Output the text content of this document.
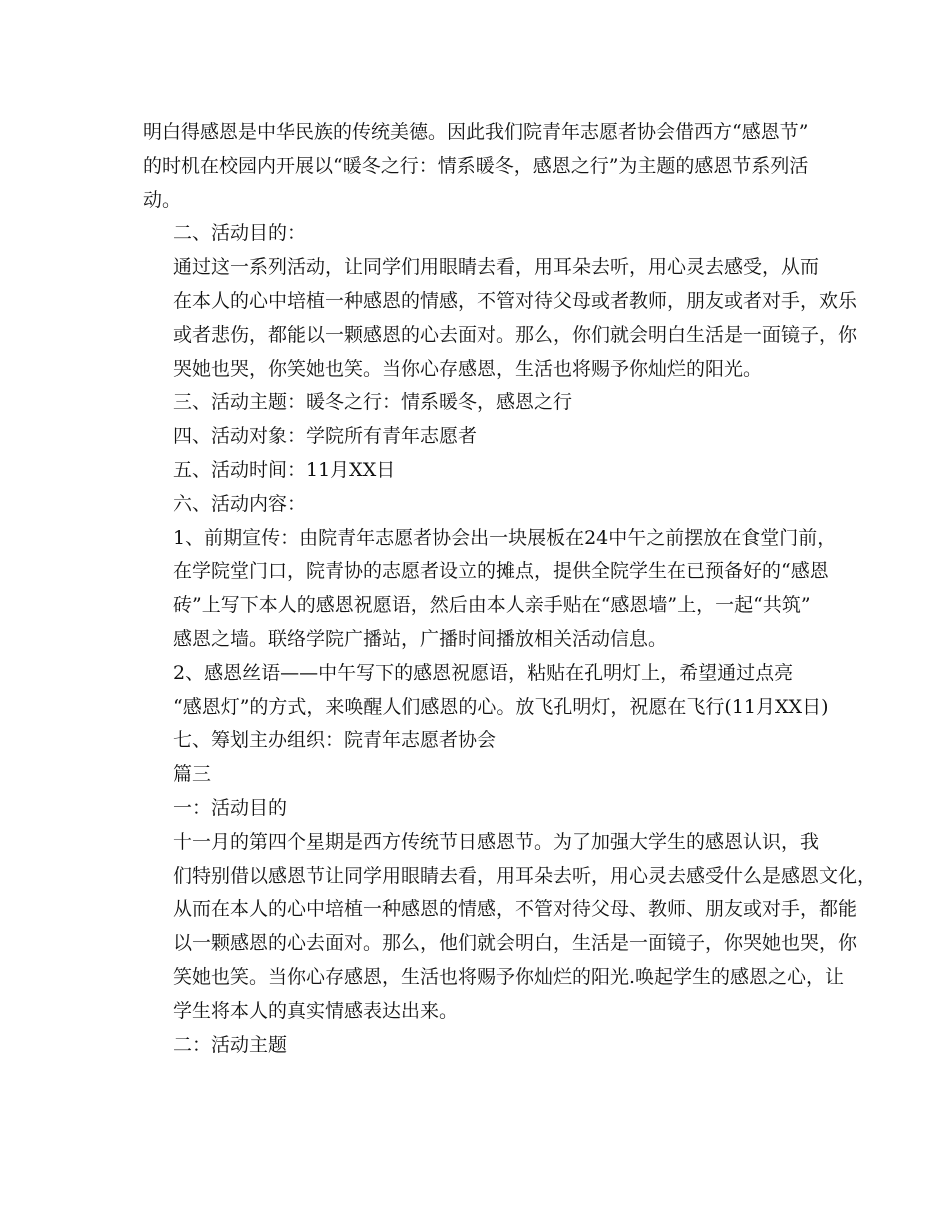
明白得感恩是中华民族的传统美德。因此我们院青年志愿者协会借西方“感恩节”
的时机在校园内开展以“暖冬之行：情系暖冬，感恩之行”为主题的感恩节系列活
动。

二、活动目的：

通过这一系列活动，让同学们用眼睛去看，用耳朵去听，用心灵去感受，从而
在本人的心中培植一种感恩的情感，不管对待父母或者教师，朋友或者对手，欢乐
或者悲伤，都能以一颗感恩的心去面对。那么，你们就会明白生活是一面镜子，你
哭她也哭，你笑她也笑。当你心存感恩，生活也将赐予你灿烂的阳光。

三、活动主题：暖冬之行：情系暖冬，感恩之行

四、活动对象：学院所有青年志愿者

五、活动时间：11月XX日

六、活动内容：

1、前期宣传：由院青年志愿者协会出一块展板在24中午之前摆放在食堂门前，
在学院堂门口，院青协的志愿者设立的摊点，提供全院学生在已预备好的“感恩
砖”上写下本人的感恩祝愿语，然后由本人亲手贴在“感恩墙”上，一起“共筑”
感恩之墙。联络学院广播站，广播时间播放相关活动信息。

2、感恩丝语——中午写下的感恩祝愿语，粘贴在孔明灯上，希望通过点亮
“感恩灯”的方式，来唤醒人们感恩的心。放飞孔明灯，祝愿在飞行(11月XX日)

七、筹划主办组织：院青年志愿者协会

篇三

一：活动目的

十一月的第四个星期是西方传统节日感恩节。为了加强大学生的感恩认识，我
们特别借以感恩节让同学用眼睛去看，用耳朵去听，用心灵去感受什么是感恩文化，
从而在本人的心中培植一种感恩的情感，不管对待父母、教师、朋友或对手，都能
以一颗感恩的心去面对。那么，他们就会明白，生活是一面镜子，你哭她也哭，你
笑她也笑。当你心存感恩，生活也将赐予你灿烂的阳光.唤起学生的感恩之心，让
学生将本人的真实情感表达出来。

二：活动主题
